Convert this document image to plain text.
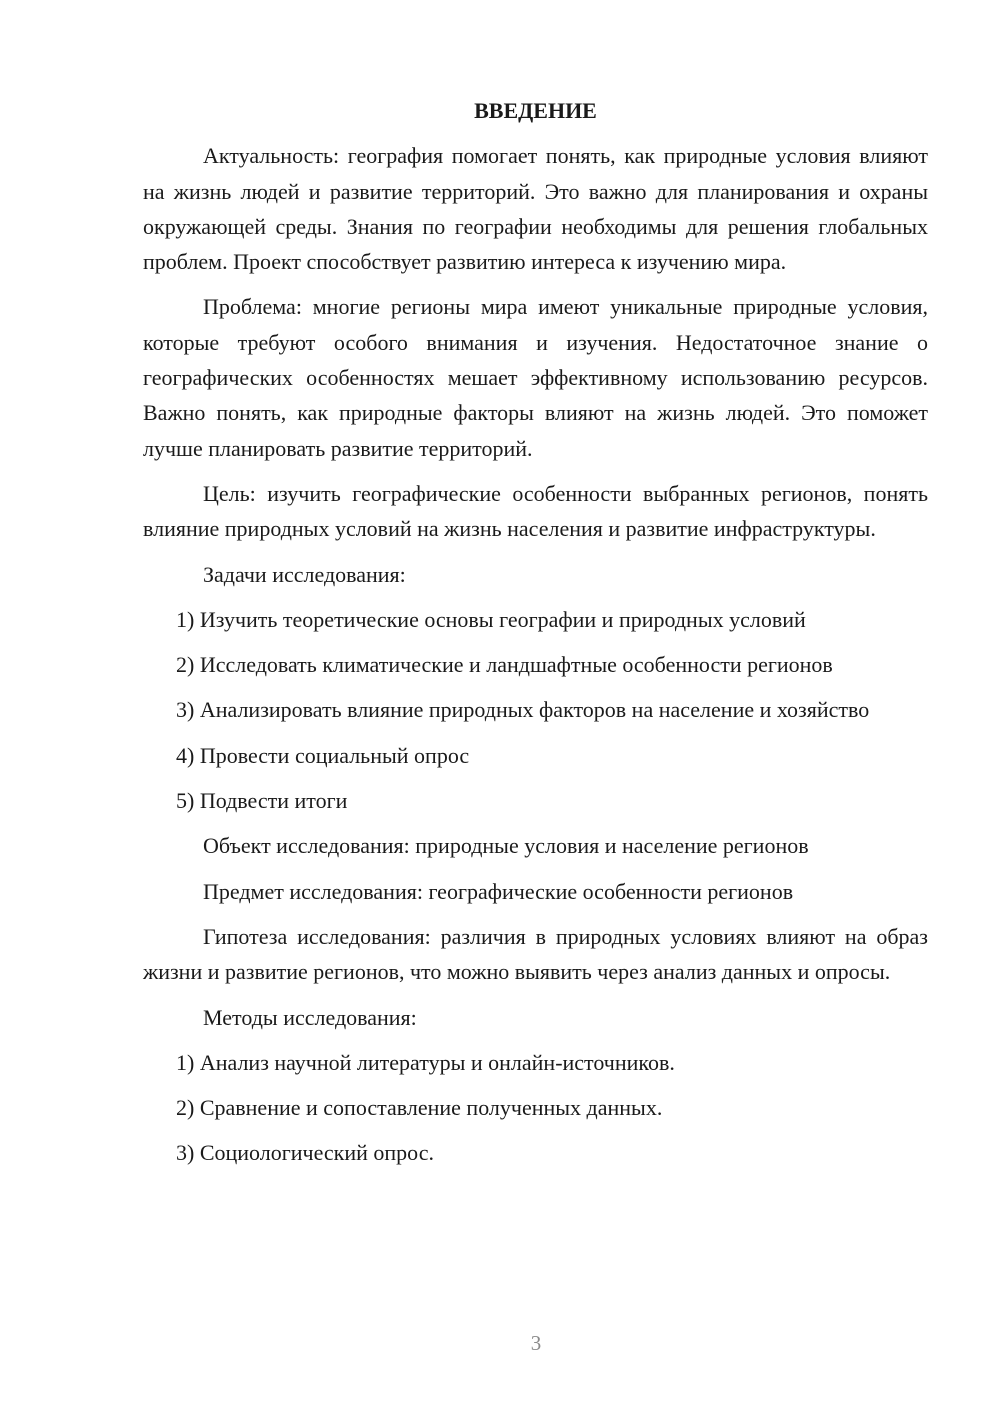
ВВЕДЕНИЕ

Актуальность: география помогает понять, как природные условия влияют на жизнь людей и развитие территорий. Это важно для планирования и охраны окружающей среды. Знания по географии необходимы для решения глобальных проблем. Проект способствует развитию интереса к изучению мира.

Проблема: многие регионы мира имеют уникальные природные условия, которые требуют особого внимания и изучения. Недостаточное знание о географических особенностях мешает эффективному использованию ресурсов. Важно понять, как природные факторы влияют на жизнь людей. Это поможет лучше планировать развитие территорий.

Цель: изучить географические особенности выбранных регионов, понять влияние природных условий на жизнь населения и развитие инфраструктуры.

Задачи исследования:

1) Изучить теоретические основы географии и природных условий

2) Исследовать климатические и ландшафтные особенности регионов

3) Анализировать влияние природных факторов на население и хозяйство

4) Провести социальный опрос

5) Подвести итоги

Объект исследования: природные условия и население регионов

Предмет исследования: географические особенности регионов

Гипотеза исследования: различия в природных условиях влияют на образ жизни и развитие регионов, что можно выявить через анализ данных и опросы.

Методы исследования:

1) Анализ научной литературы и онлайн-источников.

2) Сравнение и сопоставление полученных данных.

3) Социологический опрос.

3
